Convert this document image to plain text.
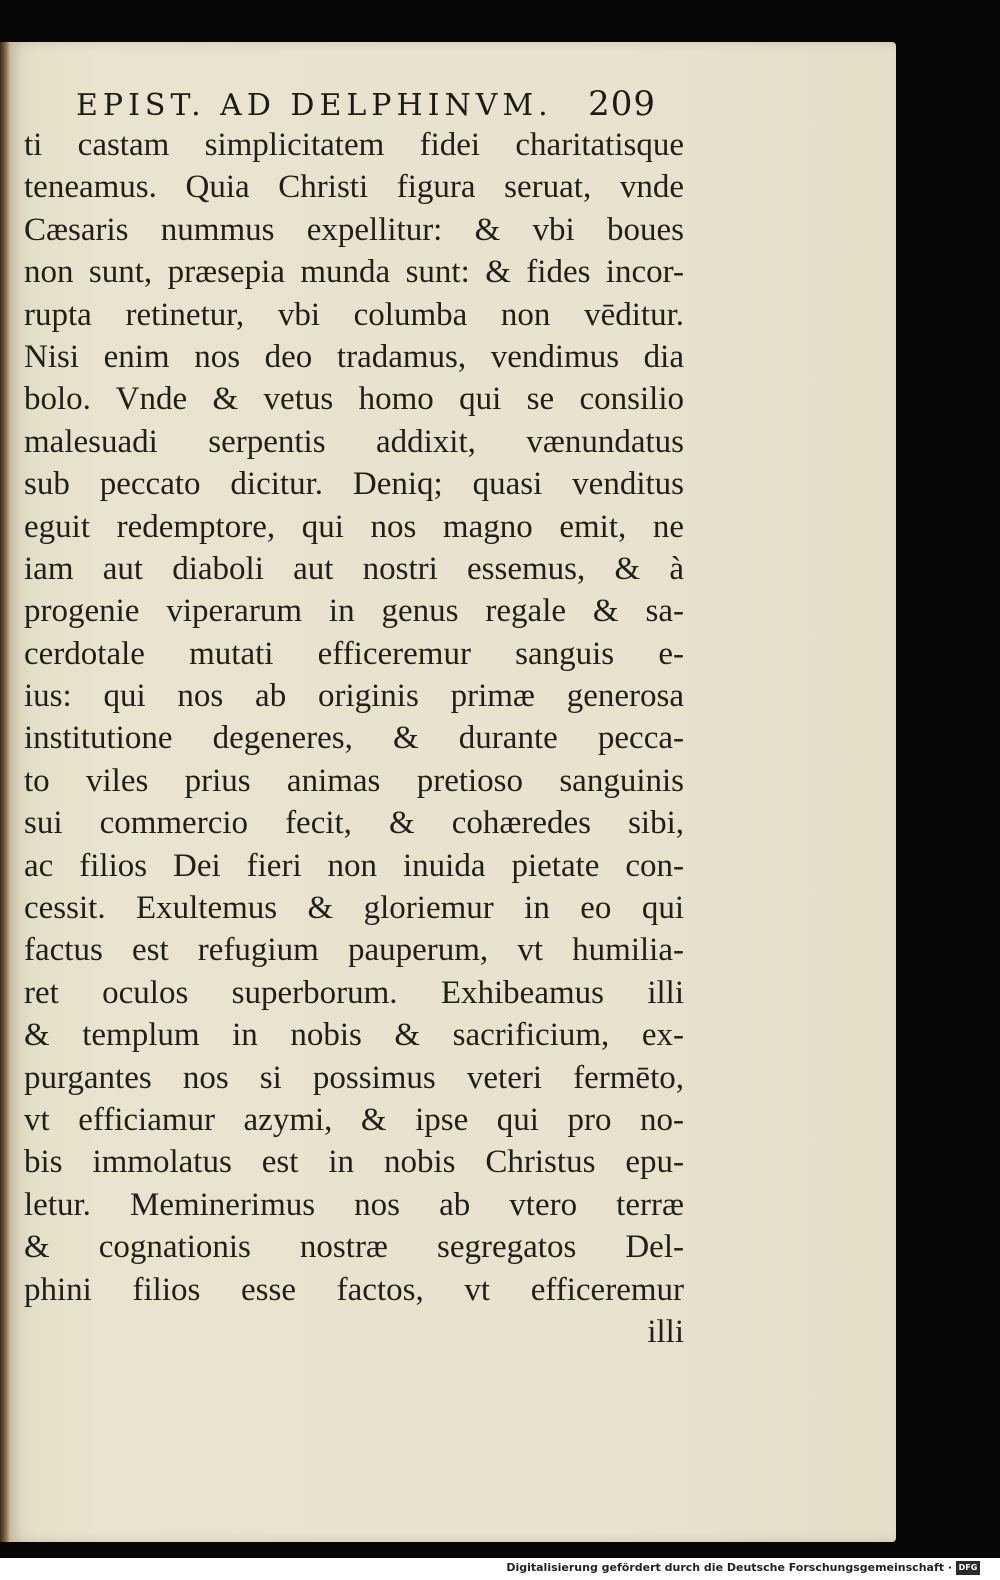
EPIST. AD DELPHINVM. 209
ti castam simplicitatem fidei charitatisque
teneamus. Quia Christi figura seruat, vnde
Cæsaris nummus expellitur: & vbi boues
non sunt, præsepia munda sunt: & fides incor-
rupta retinetur, vbi columba non vēditur.
Nisi enim nos deo tradamus, vendimus dia
bolo. Vnde & vetus homo qui se consilio
malesuadi serpentis addixit, vænundatus
sub peccato dicitur. Deniq; quasi venditus
eguit redemptore, qui nos magno emit, ne
iam aut diaboli aut nostri essemus, & à
progenie viperarum in genus regale & sa-
cerdotale mutati efficeremur sanguis e-
ius: qui nos ab originis primæ generosa
institutione degeneres, & durante pecca-
to viles prius animas pretioso sanguinis
sui commercio fecit, & cohæredes sibi,
ac filios Dei fieri non inuida pietate con-
cessit. Exultemus & gloriemur in eo qui
factus est refugium pauperum, vt humilia-
ret oculos superborum. Exhibeamus illi
& templum in nobis & sacrificium, ex-
purgantes nos si possimus veteri fermēto,
vt efficiamur azymi, & ipse qui pro no-
bis immolatus est in nobis Christus epu-
letur. Meminerimus nos ab vtero terræ
& cognationis nostræ segregatos Del-
phini filios esse factos, vt efficeremur
illi
Digitalisierung gefördert durch die Deutsche Forschungsgemeinschaft · DFG
